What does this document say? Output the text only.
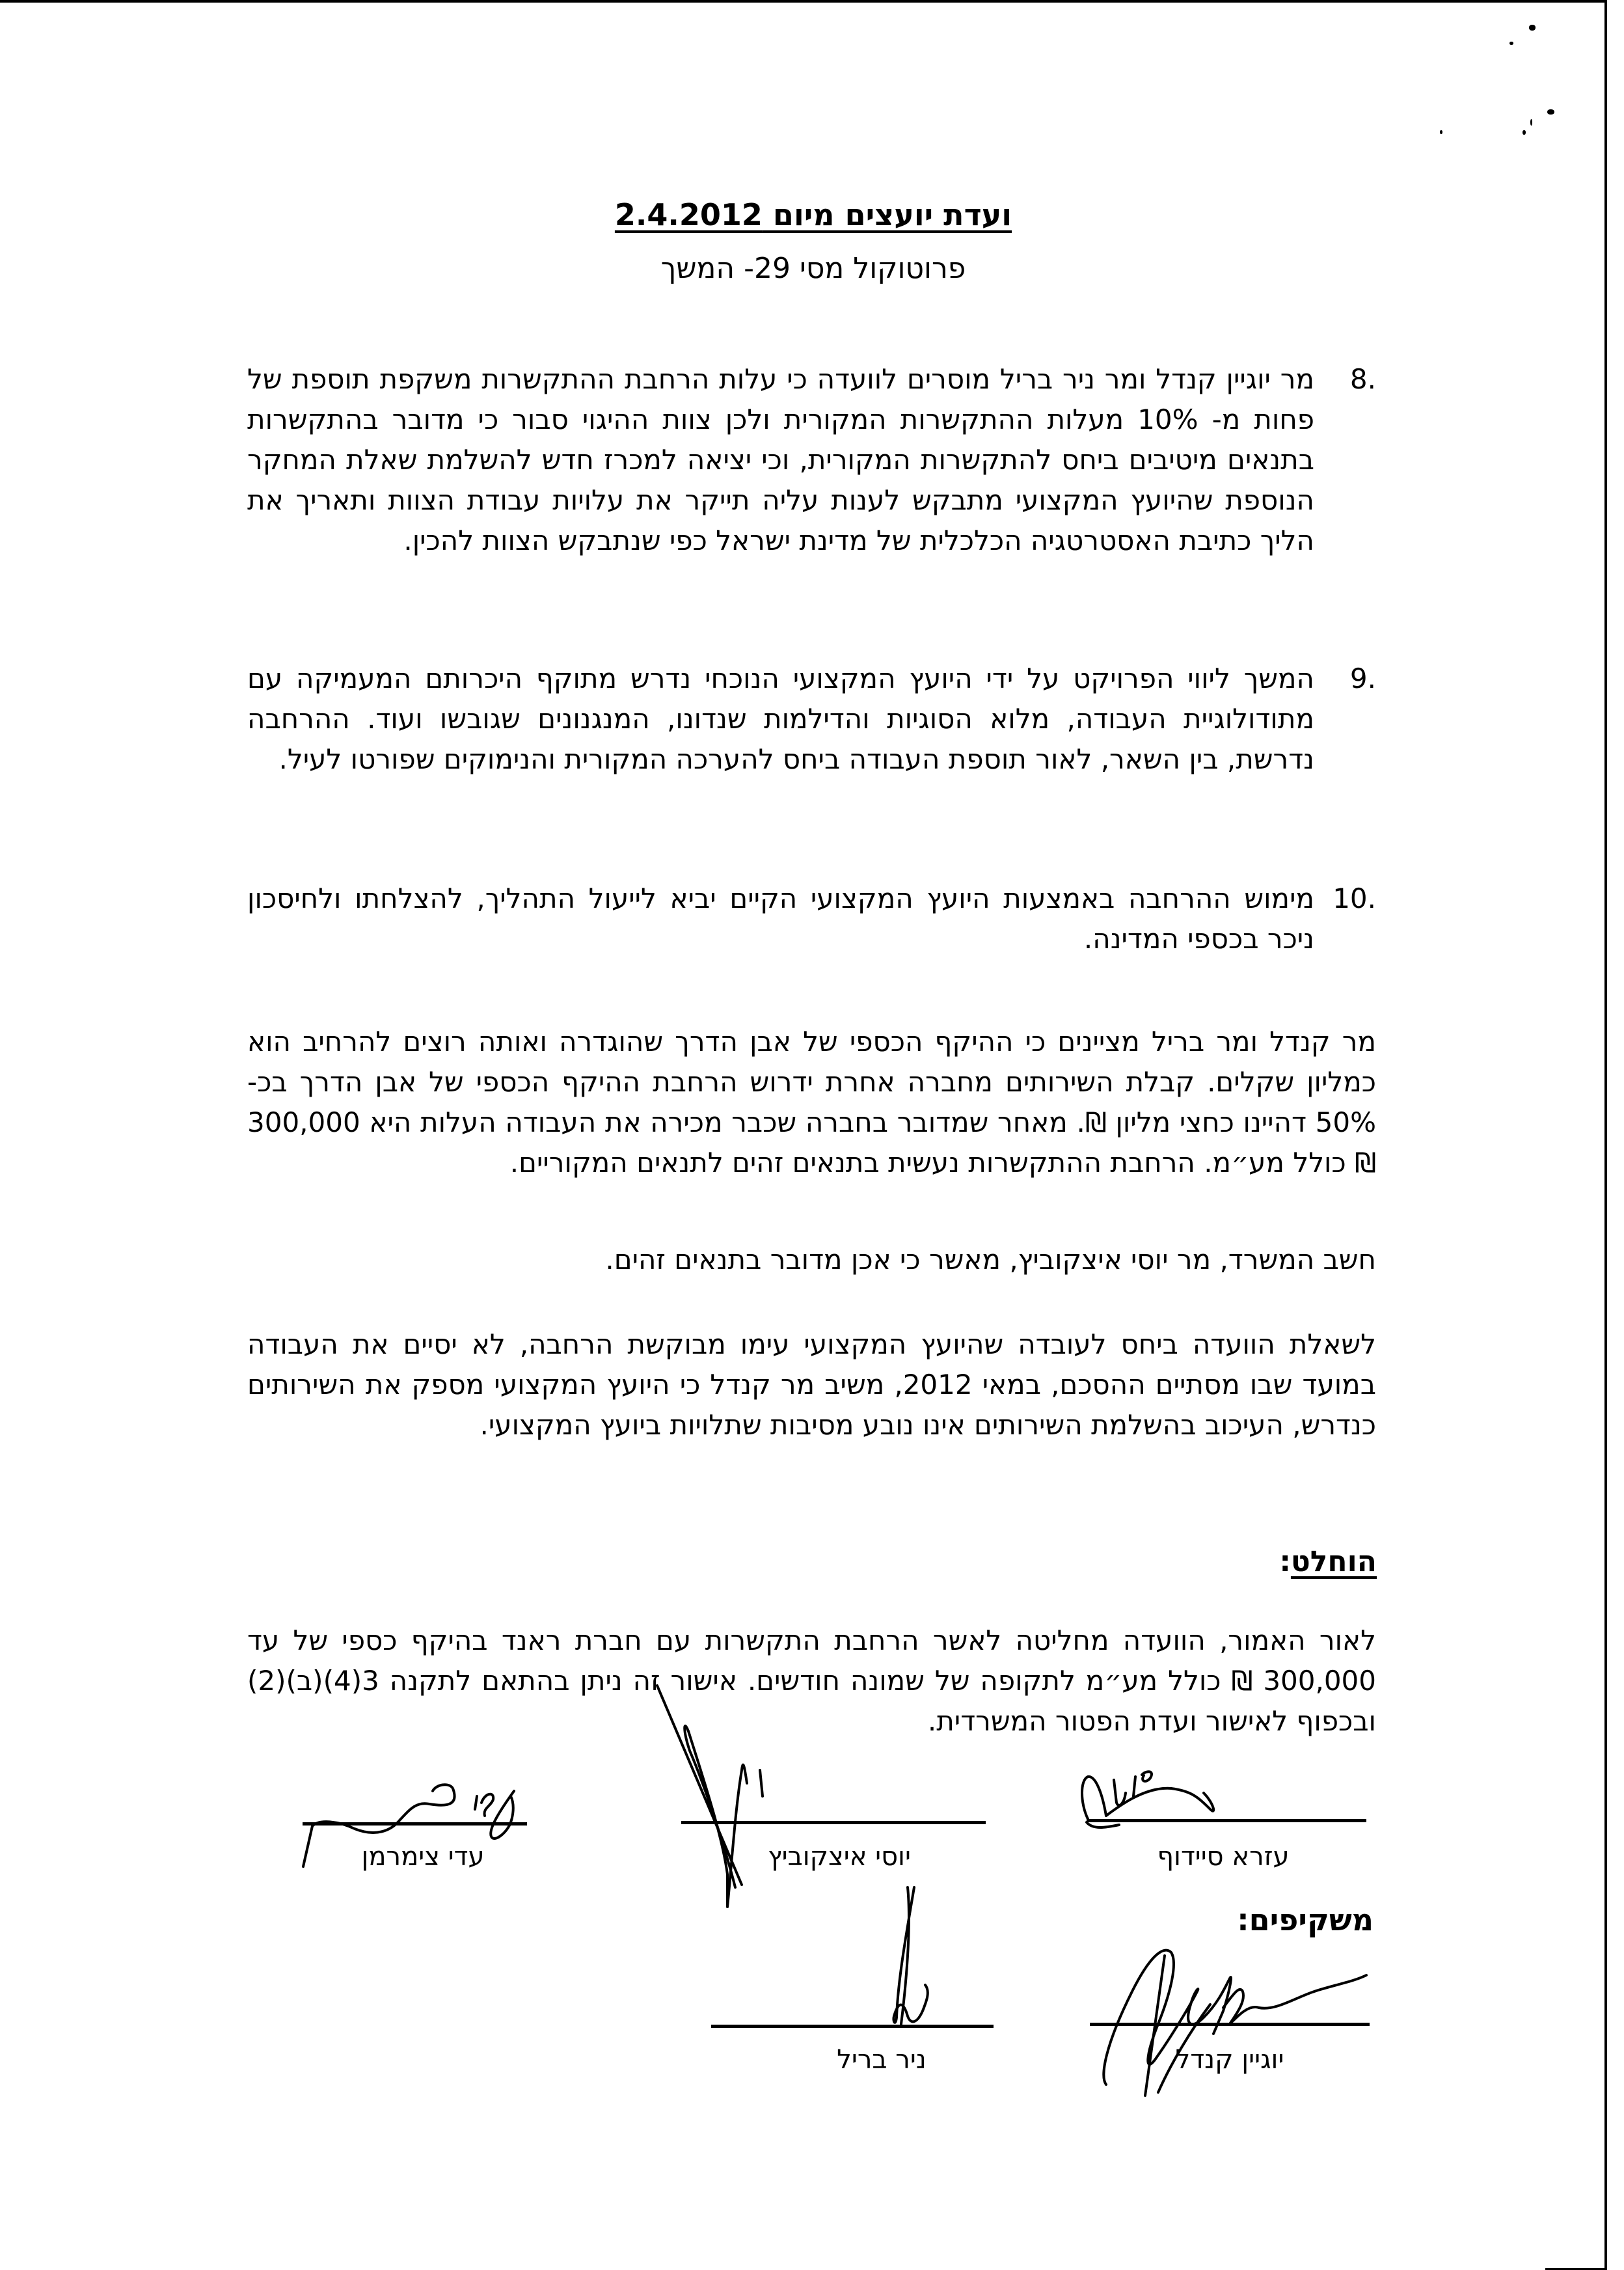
ועדת יועצים מיום 2.4.2012
פרוטוקול מסי 29- המשך
.8
מר יוגיין קנדל ומר ניר בריל מוסרים לוועדה כי עלות הרחבת ההתקשרות משקפת תוספת של פחות מ- 10% מעלות ההתקשרות המקורית ולכן צוות ההיגוי סבור כי מדובר בהתקשרות בתנאים מיטיבים ביחס להתקשרות המקורית, וכי יציאה למכרז חדש להשלמת שאלת המחקר הנוספת שהיועץ המקצועי מתבקש לענות עליה תייקר את עלויות עבודת הצוות ותאריך את הליך כתיבת האסטרטגיה הכלכלית של מדינת ישראל כפי שנתבקש הצוות להכין.
.9
המשך ליווי הפרויקט על ידי היועץ המקצועי הנוכחי נדרש מתוקף היכרותם המעמיקה עם מתודולוגיית העבודה, מלוא הסוגיות והדילמות שנדונו, המנגנונים שגובשו ועוד. ההרחבה נדרשת, בין השאר, לאור תוספת העבודה ביחס להערכה המקורית והנימוקים שפורטו לעיל.
.10
מימוש ההרחבה באמצעות היועץ המקצועי הקיים יביא לייעול התהליך, להצלחתו ולחיסכון ניכר בכספי המדינה.
מר קנדל ומר בריל מציינים כי ההיקף הכספי של אבן הדרך שהוגדרה ואותה רוצים להרחיב הוא כמליון שקלים. קבלת השירותים מחברה אחרת ידרוש הרחבת ההיקף הכספי של אבן הדרך בכ- 50% דהיינו כחצי מליון ₪. מאחר שמדובר בחברה שכבר מכירה את העבודה העלות היא 300,000 ₪ כולל מע״מ. הרחבת ההתקשרות נעשית בתנאים זהים לתנאים המקוריים.
חשב המשרד, מר יוסי איצקוביץ, מאשר כי אכן מדובר בתנאים זהים.
לשאלת הוועדה ביחס לעובדה שהיועץ המקצועי עימו מבוקשת הרחבה, לא יסיים את העבודה במועד שבו מסתיים ההסכם, במאי 2012, משיב מר קנדל כי היועץ המקצועי מספק את השירותים כנדרש, העיכוב בהשלמת השירותים אינו נובע מסיבות שתלויות ביועץ המקצועי.
הוחלט:
לאור האמור, הוועדה מחליטה לאשר הרחבת התקשרות עם חברת ראנד בהיקף כספי של עד 300,000 ₪ כולל מע״מ לתקופה של שמונה חודשים. אישור זה ניתן בהתאם לתקנה 3(4)(ב)(2) ובכפוף לאישור ועדת הפטור המשרדית.
עדי צימרמן	יוסי איצקוביץ	עזרא סיידוף
משקיפים:
ניר בריל	יוגיין קנדל
